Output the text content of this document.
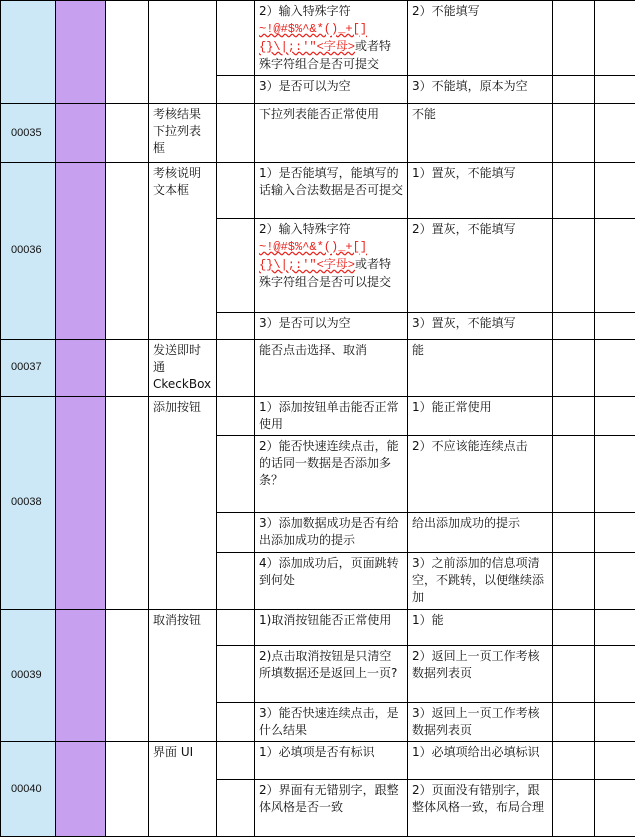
					2）输入特殊字符~!@#$%^&*()_+[]{}\|;:'"<字母>或者特殊字符组合是否可提交	2）不能填写		
					3）是否可以为空	3）不能填，原本为空		
00035			考核结果下拉列表框		下拉列表能否正常使用	不能		
00036			考核说明文本框		1）是否能填写，能填写的话输入合法数据是否可提交	1）置灰，不能填写		
					2）输入特殊字符~!@#$%^&*()_+[]{}\|;:'"<字母>或者特殊字符组合是否可以提交	2）置灰，不能填写		
					3）是否可以为空	3）置灰，不能填写		
00037			发送即时通CkeckBox		能否点击选择、取消	能		
00038			添加按钮		1）添加按钮单击能否正常使用	1）能正常使用		
					2）能否快速连续点击，能的话同一数据是否添加多条？	2）不应该能连续点击		
					3）添加数据成功是否有给出添加成功的提示	给出添加成功的提示		
					4）添加成功后，页面跳转到何处	3）之前添加的信息项清空，不跳转，以便继续添加		
00039			取消按钮		1)取消按钮能否正常使用	1）能		
					2)点击取消按钮是只清空所填数据还是返回上一页?	2）返回上一页工作考核数据列表页		
					3）能否快速连续点击，是什么结果	3）返回上一页工作考核数据列表页		
00040			界面 UI		1）必填项是否有标识	1）必填项给出必填标识		
					2）界面有无错别字，跟整体风格是否一致	2）页面没有错别字，跟整体风格一致，布局合理		
